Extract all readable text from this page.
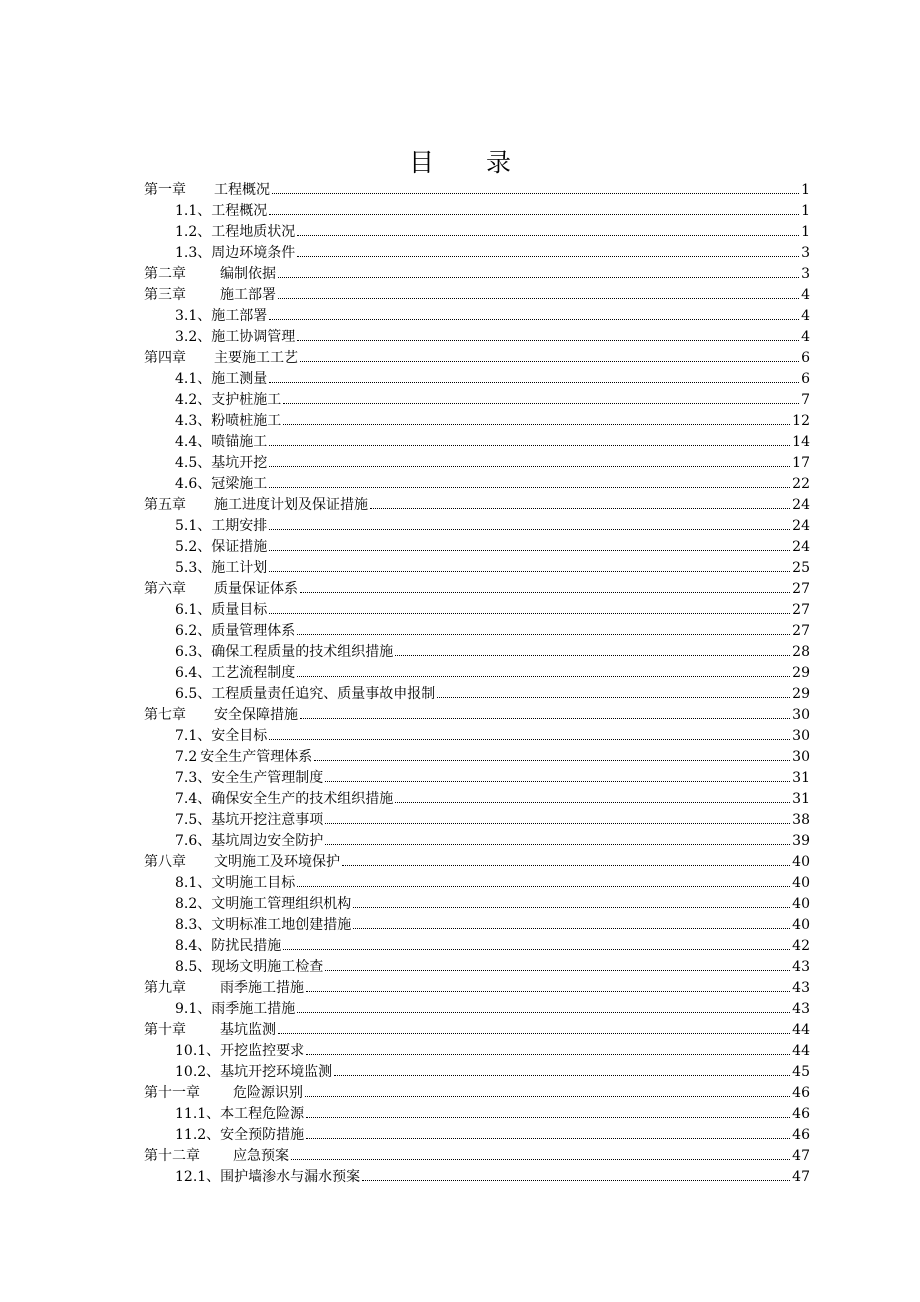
目 录
第一章 工程概况	1
1.1、 工程概况	1
1.2、 工程地质状况	1
1.3、 周边环境条件	3
第二章 编制依据	3
第三章 施工部署	4
3.1、 施工部署	4
3.2、 施工协调管理	4
第四章 主要施工工艺	6
4.1、 施工测量	6
4.2、 支护桩施工	7
4.3、 粉喷桩施工	12
4.4、 喷锚施工	14
4.5、 基坑开挖	17
4.6、 冠梁施工	22
第五章 施工进度计划及保证措施	24
5.1、 工期安排	24
5.2、 保证措施	24
5.3、 施工计划	25
第六章 质量保证体系	27
6.1、 质量目标	27
6.2、 质量管理体系	27
6.3、 确保工程质量的技术组织措施	28
6.4、 工艺流程制度	29
6.5、 工程质量责任追究、质量事故申报制	29
第七章 安全保障措施	30
7.1、 安全目标	30
7.2 安全生产管理体系	30
7.3、 安全生产管理制度	31
7.4、 确保安全生产的技术组织措施	31
7.5、 基坑开挖注意事项	38
7.6、 基坑周边安全防护	39
第八章 文明施工及环境保护	40
8.1、 文明施工目标	40
8.2、 文明施工管理组织机构	40
8.3、 文明标准工地创建措施	40
8.4、 防扰民措施	42
8.5、 现场文明施工检查	43
第九章 雨季施工措施	43
9.1、 雨季施工措施	43
第十章 基坑监测	44
10.1、 开挖监控要求	44
10.2、 基坑开挖环境监测	45
第十一章 危险源识别	46
11.1、 本工程危险源	46
11.2、 安全预防措施	46
第十二章 应急预案	47
12.1、 围护墙渗水与漏水预案	47
